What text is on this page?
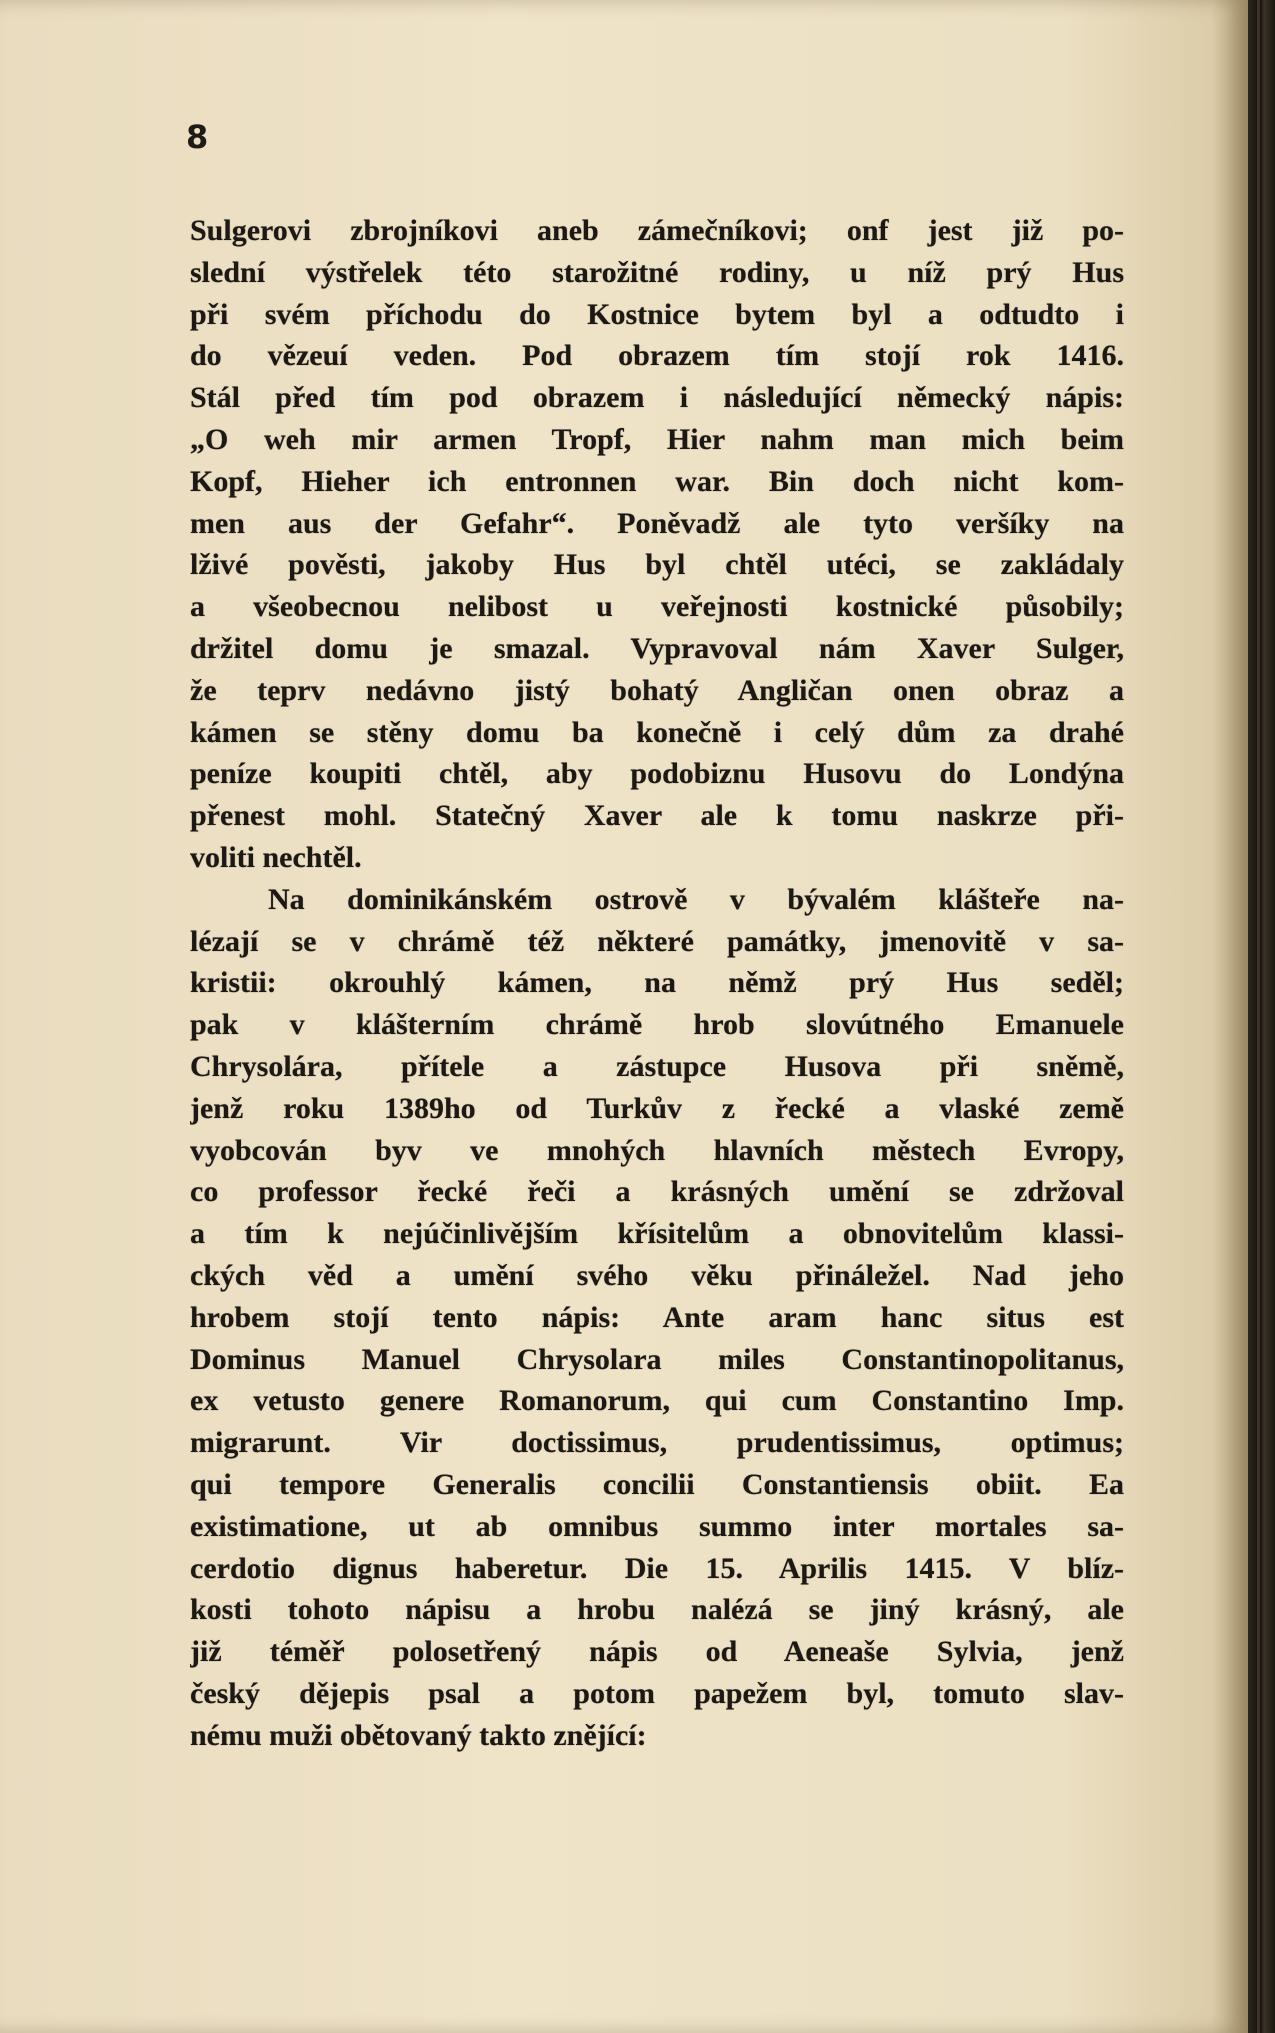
8
Sulgerovi zbrojníkovi aneb zámečníkovi; onf jest již po-
slední výstřelek této starožitné rodiny, u níž prý Hus
při svém příchodu do Kostnice bytem byl a odtudto i
do vězeuí veden. Pod obrazem tím stojí rok 1416.
Stál před tím pod obrazem i následující německý nápis:
„O weh mir armen Tropf, Hier nahm man mich beim
Kopf, Hieher ich entronnen war. Bin doch nicht kom-
men aus der Gefahr“. Poněvadž ale tyto veršíky na
lživé pověsti, jakoby Hus byl chtěl utéci, se zakládaly
a všeobecnou nelibost u veřejnosti kostnické působily;
držitel domu je smazal. Vypravoval nám Xaver Sulger,
že teprv nedávno jistý bohatý Angličan onen obraz a
kámen se stěny domu ba konečně i celý dům za drahé
peníze koupiti chtěl, aby podobiznu Husovu do Londýna
přenest mohl. Statečný Xaver ale k tomu naskrze při-
voliti nechtěl.
Na dominikánském ostrově v bývalém klášteře na-
lézají se v chrámě též některé památky, jmenovitě v sa-
kristii: okrouhlý kámen, na němž prý Hus seděl;
pak v klášterním chrámě hrob slovútného Emanuele
Chrysolára, přítele a zástupce Husova při sněmě,
jenž roku 1389ho od Turkův z řecké a vlaské země
vyobcován byv ve mnohých hlavních městech Evropy,
co professor řecké řeči a krásných umění se zdržoval
a tím k nejúčinlivějším křísitelům a obnovitelům klassi-
ckých věd a umění svého věku přináležel. Nad jeho
hrobem stojí tento nápis: Ante aram hanc situs est
Dominus Manuel Chrysolara miles Constantinopolitanus,
ex vetusto genere Romanorum, qui cum Constantino Imp.
migrarunt. Vir doctissimus, prudentissimus, optimus;
qui tempore Generalis concilii Constantiensis obiit. Ea
existimatione, ut ab omnibus summo inter mortales sa-
cerdotio dignus haberetur. Die 15. Aprilis 1415. V blíz-
kosti tohoto nápisu a hrobu nalézá se jiný krásný, ale
již téměř polosetřený nápis od Aeneaše Sylvia, jenž
český dějepis psal a potom papežem byl, tomuto slav-
nému muži obětovaný takto znějící:
